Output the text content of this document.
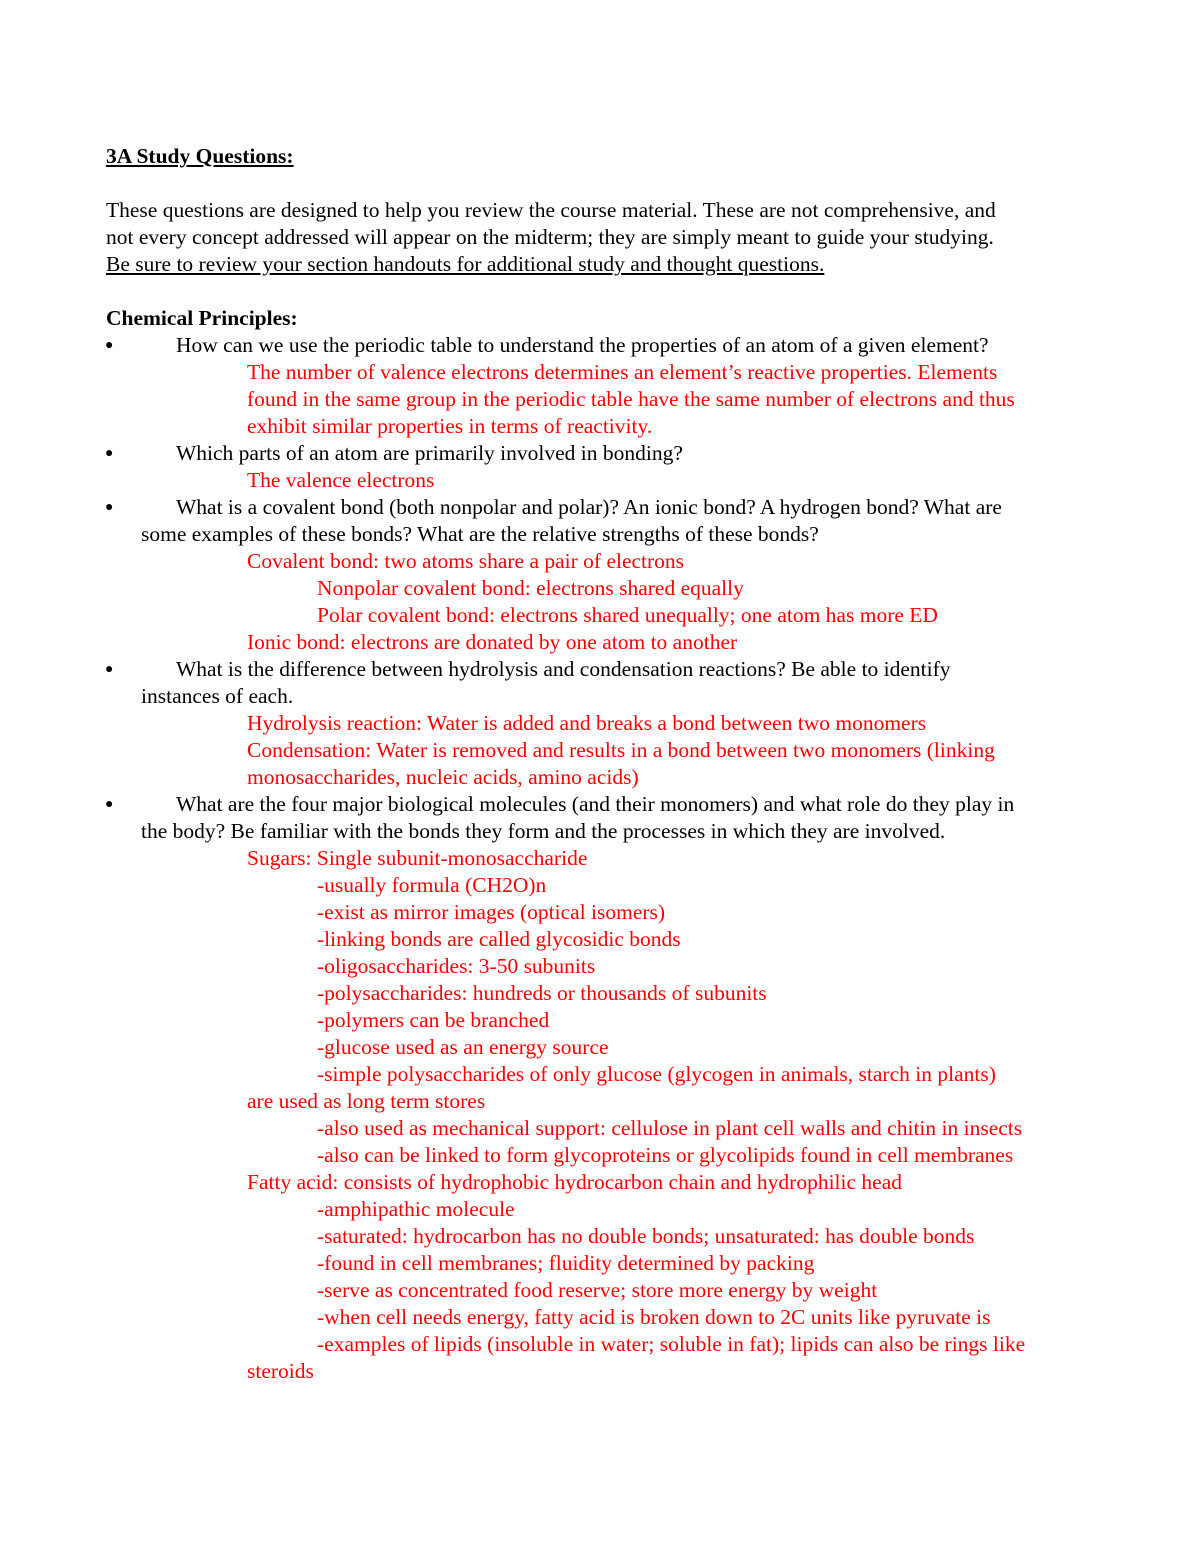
3A Study Questions:

These questions are designed to help you review the course material. These are not comprehensive, and

not every concept addressed will appear on the midterm; they are simply meant to guide your studying.

Be sure to review your section handouts for additional study and thought questions.

Chemical Principles:
●	How can we use the periodic table to understand the properties of an atom of a given element?
The number of valence electrons determines an element’s reactive properties. Elements
found in the same group in the periodic table have the same number of electrons and thus
exhibit similar properties in terms of reactivity.
●	Which parts of an atom are primarily involved in bonding?
The valence electrons
●	What is a covalent bond (both nonpolar and polar)? An ionic bond? A hydrogen bond? What are
some examples of these bonds? What are the relative strengths of these bonds?
Covalent bond: two atoms share a pair of electrons
Nonpolar covalent bond: electrons shared equally
Polar covalent bond: electrons shared unequally; one atom has more ED
Ionic bond: electrons are donated by one atom to another
●	What is the difference between hydrolysis and condensation reactions? Be able to identify
instances of each.
Hydrolysis reaction: Water is added and breaks a bond between two monomers
Condensation: Water is removed and results in a bond between two monomers (linking
monosaccharides, nucleic acids, amino acids)
●	What are the four major biological molecules (and their monomers) and what role do they play in
the body? Be familiar with the bonds they form and the processes in which they are involved.
Sugars: Single subunit-monosaccharide
-usually formula (CH2O)n
-exist as mirror images (optical isomers)
-linking bonds are called glycosidic bonds
-oligosaccharides: 3-50 subunits
-polysaccharides: hundreds or thousands of subunits
-polymers can be branched
-glucose used as an energy source
-simple polysaccharides of only glucose (glycogen in animals, starch in plants)
are used as long term stores
-also used as mechanical support: cellulose in plant cell walls and chitin in insects
-also can be linked to form glycoproteins or glycolipids found in cell membranes
Fatty acid: consists of hydrophobic hydrocarbon chain and hydrophilic head
-amphipathic molecule
-saturated: hydrocarbon has no double bonds; unsaturated: has double bonds
-found in cell membranes; fluidity determined by packing
-serve as concentrated food reserve; store more energy by weight
-when cell needs energy, fatty acid is broken down to 2C units like pyruvate is
-examples of lipids (insoluble in water; soluble in fat); lipids can also be rings like
steroids
